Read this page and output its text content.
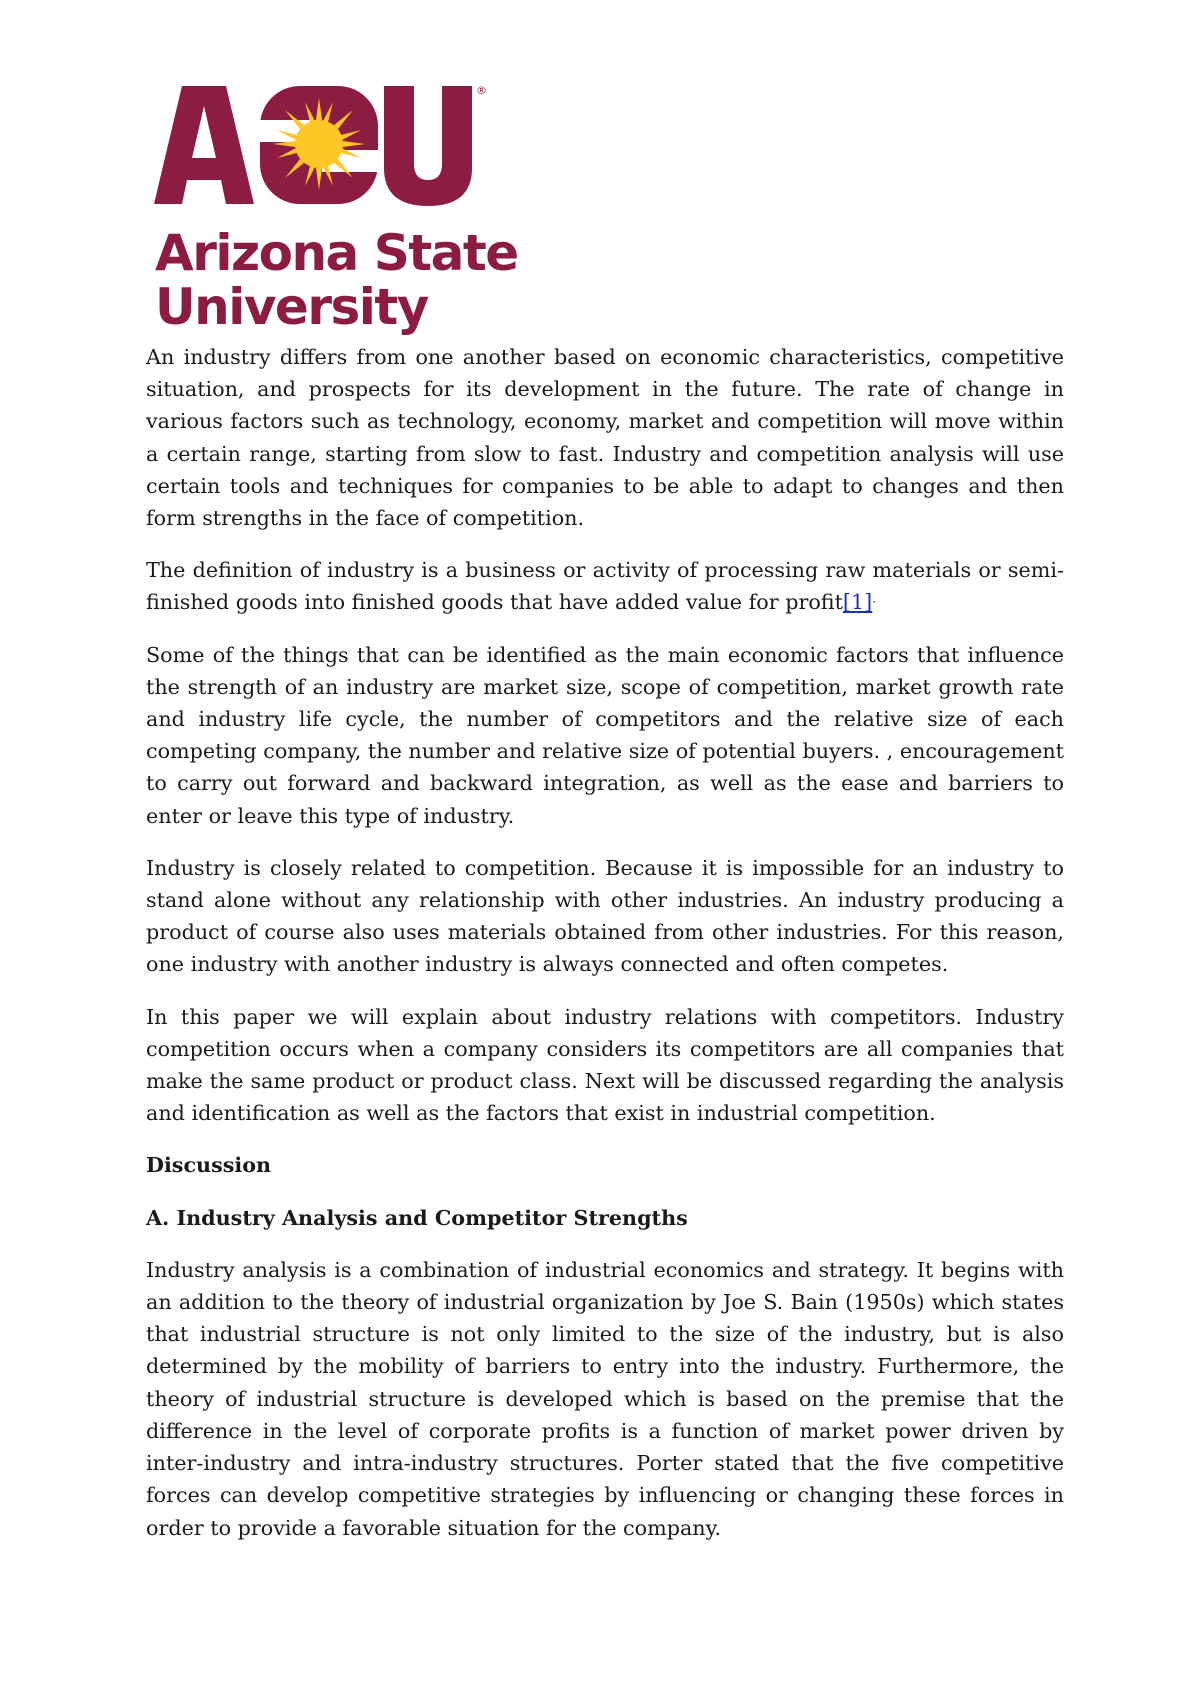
®
Arizona State
University

An industry differs from one another based on economic characteristics, competitive situation, and prospects for its development in the future. The rate of change in various factors such as technology, economy, market and competition will move within a certain range, starting from slow to fast. Industry and competition analysis will use certain tools and techniques for companies to be able to adapt to changes and then form strengths in the face of competition.

The definition of industry is a business or activity of processing raw materials or semi-finished goods into finished goods that have added value for profit[1]·

Some of the things that can be identified as the main economic factors that influence the strength of an industry are market size, scope of competition, market growth rate and industry life cycle, the number of competitors and the relative size of each competing company, the number and relative size of potential buyers. , encouragement to carry out forward and backward integration, as well as the ease and barriers to enter or leave this type of industry.

Industry is closely related to competition. Because it is impossible for an industry to stand alone without any relationship with other industries. An industry producing a product of course also uses materials obtained from other industries. For this reason, one industry with another industry is always connected and often competes.

In this paper we will explain about industry relations with competitors. Industry competition occurs when a company considers its competitors are all companies that make the same product or product class. Next will be discussed regarding the analysis and identification as well as the factors that exist in industrial competition.

Discussion

A. Industry Analysis and Competitor Strengths

Industry analysis is a combination of industrial economics and strategy. It begins with an addition to the theory of industrial organization by Joe S. Bain (1950s) which states that industrial structure is not only limited to the size of the industry, but is also determined by the mobility of barriers to entry into the industry. Furthermore, the theory of industrial structure is developed which is based on the premise that the difference in the level of corporate profits is a function of market power driven by inter-industry and intra-industry structures. Porter stated that the five competitive forces can develop competitive strategies by influencing or changing these forces in order to provide a favorable situation for the company.
